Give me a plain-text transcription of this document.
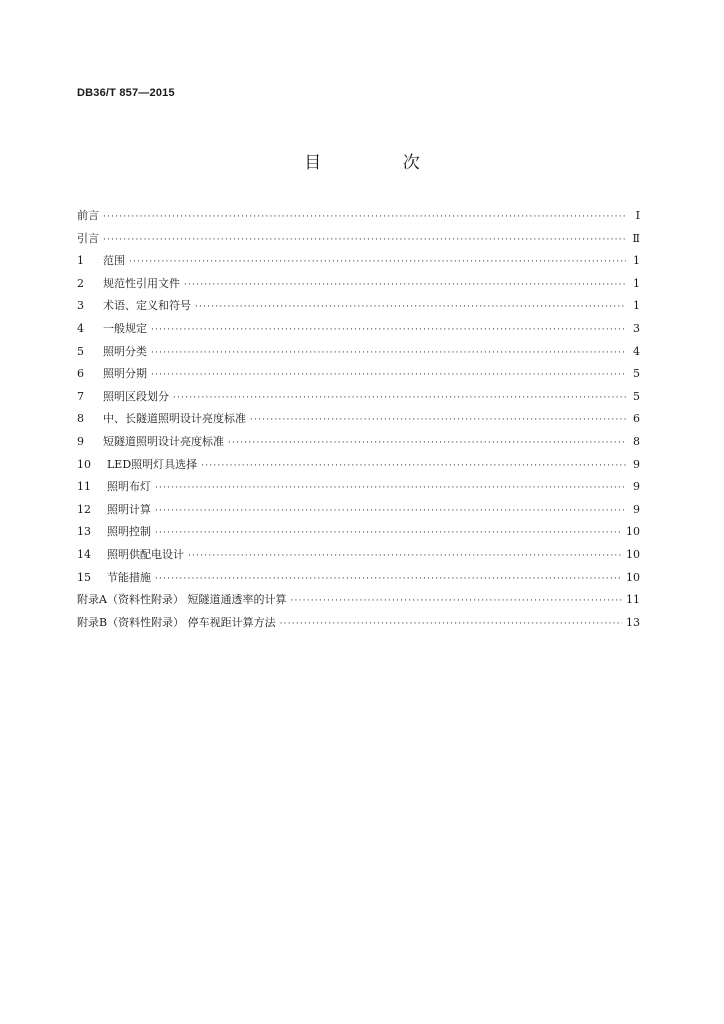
DB36/T 857—2015
目 次
前言 ·····	Ⅰ
引言 ·····	Ⅱ
1	范围 ·····	1
2	规范性引用文件 ·····	1
3	术语、定义和符号 ·····	1
4	一般规定 ·····	3
5	照明分类 ·····	4
6	照明分期 ·····	5
7	照明区段划分 ·····	5
8	中、长隧道照明设计亮度标准 ·····	6
9	短隧道照明设计亮度标准 ·····	8
10	LED照明灯具选择 ·····	9
11	照明布灯 ·····	9
12	照明计算 ·····	9
13	照明控制 ·····	10
14	照明供配电设计 ·····	10
15	节能措施 ·····	10
附录A（资料性附录） 短隧道通透率的计算 ·····	11
附录B（资料性附录） 停车视距计算方法 ·····	13
